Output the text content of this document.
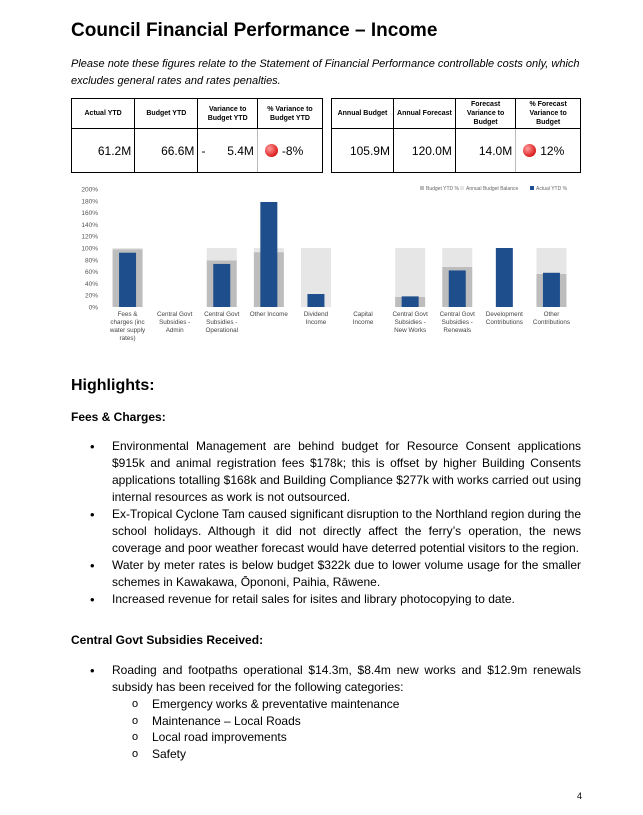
Council Financial Performance – Income
Please note these figures relate to the Statement of Financial Performance controllable costs only, which excludes general rates and rates penalties.
Actual YTD	Budget YTD	Variance to Budget YTD	% Variance to Budget YTD
61.2M	66.6M	- 5.4M	-8%
Annual Budget	Annual Forecast	Forecast Variance to Budget	% Forecast Variance to Budget
105.9M	120.0M	14.0M	12%
0%
20%
40%
60%
80%
100%
120%
140%
160%
180%
200%
Fees &
charges (inc
water supply
rates)
Central Govt
Subsidies -
Admin
Central Govt
Subsidies -
Operational
Other Income	Dividend
Income
Capital
Income
Central Govt
Subsidies -
New Works
Central Govt
Subsidies -
Renewals
Development
Contributions
Other
Contributions
Budget YTD % Annual Budget Balance	Actual YTD %
Highlights:
Fees & Charges:
• Environmental Management are behind budget for Resource Consent applications $915k and animal registration fees $178k; this is offset by higher Building Consents applications totalling $168k and Building Compliance $277k with works carried out using internal resources as work is not outsourced.
• Ex-Tropical Cyclone Tam caused significant disruption to the Northland region during the school holidays. Although it did not directly affect the ferry’s operation, the news coverage and poor weather forecast would have deterred potential visitors to the region.
• Water by meter rates is below budget $322k due to lower volume usage for the smaller schemes in Kawakawa, Ōpononi, Paihia, Rāwene.
• Increased revenue for retail sales for isites and library photocopying to date.
Central Govt Subsidies Received:
• Roading and footpaths operational $14.3m, $8.4m new works and $12.9m renewals subsidy has been received for the following categories:
o Emergency works & preventative maintenance
o Maintenance – Local Roads
o Local road improvements
o Safety
4
